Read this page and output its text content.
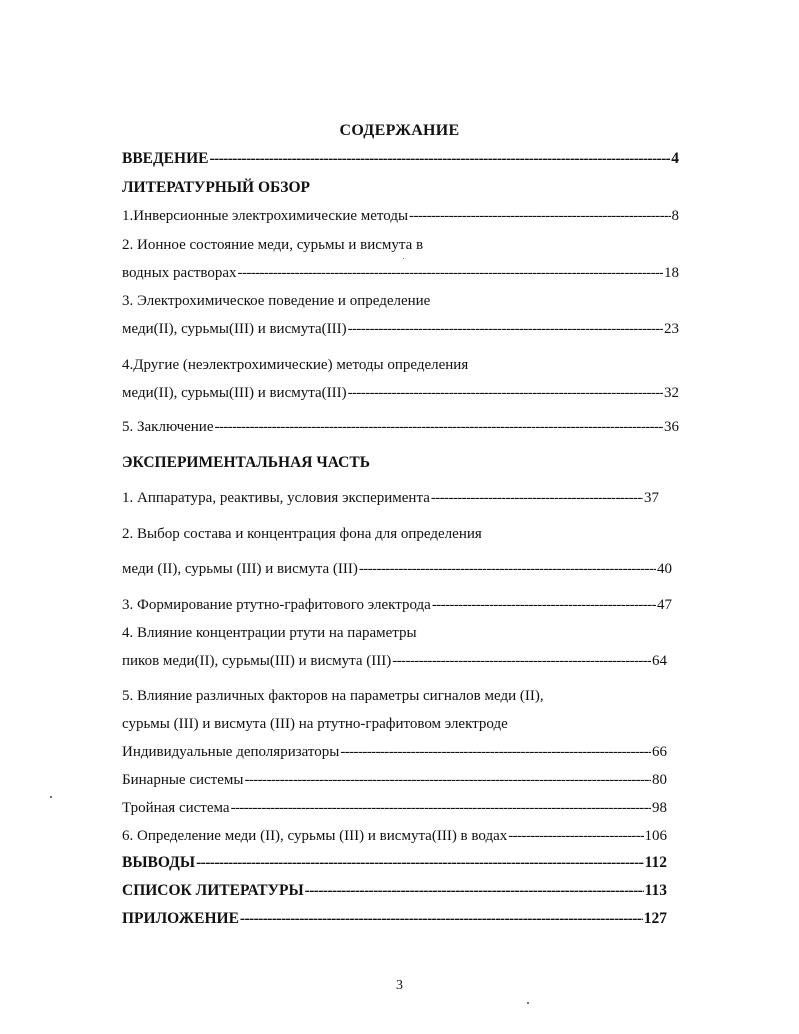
СОДЕРЖАНИЕ
ВВЕДЕНИЕ -----	4
ЛИТЕРАТУРНЫЙ ОБЗОР
1.Инверсионные электрохимические методы -----	8
2. Ионное состояние меди, сурьмы и висмута в
водных растворах -----	18
3. Электрохимическое поведение и определение
меди(II), сурьмы(III) и висмута(III) -----	23
4.Другие (неэлектрохимические) методы определения
меди(II), сурьмы(III) и висмута(III) -----	32
5. Заключение -----	36
ЭКСПЕРИМЕНТАЛЬНАЯ ЧАСТЬ
1. Аппаратура, реактивы, условия эксперимента -----	37
2. Выбор состава и концентрация фона для определения
меди (II), сурьмы (III) и висмута (III) -----	40
3. Формирование ртутно-графитового электрода -----	47
4. Влияние концентрации ртути на параметры
пиков меди(II), сурьмы(III) и висмута (III) -----	64
5. Влияние различных факторов на параметры сигналов меди (II),
сурьмы (III) и висмута (III) на ртутно-графитовом электроде
Индивидуальные деполяризаторы -----	66
Бинарные системы -----	80
Тройная система -----	98
6. Определение меди (II), сурьмы (III) и висмута(III) в водах -----	106
ВЫВОДЫ -----	112
СПИСОК ЛИТЕРАТУРЫ -----	113
ПРИЛОЖЕНИЕ -----	127
3
